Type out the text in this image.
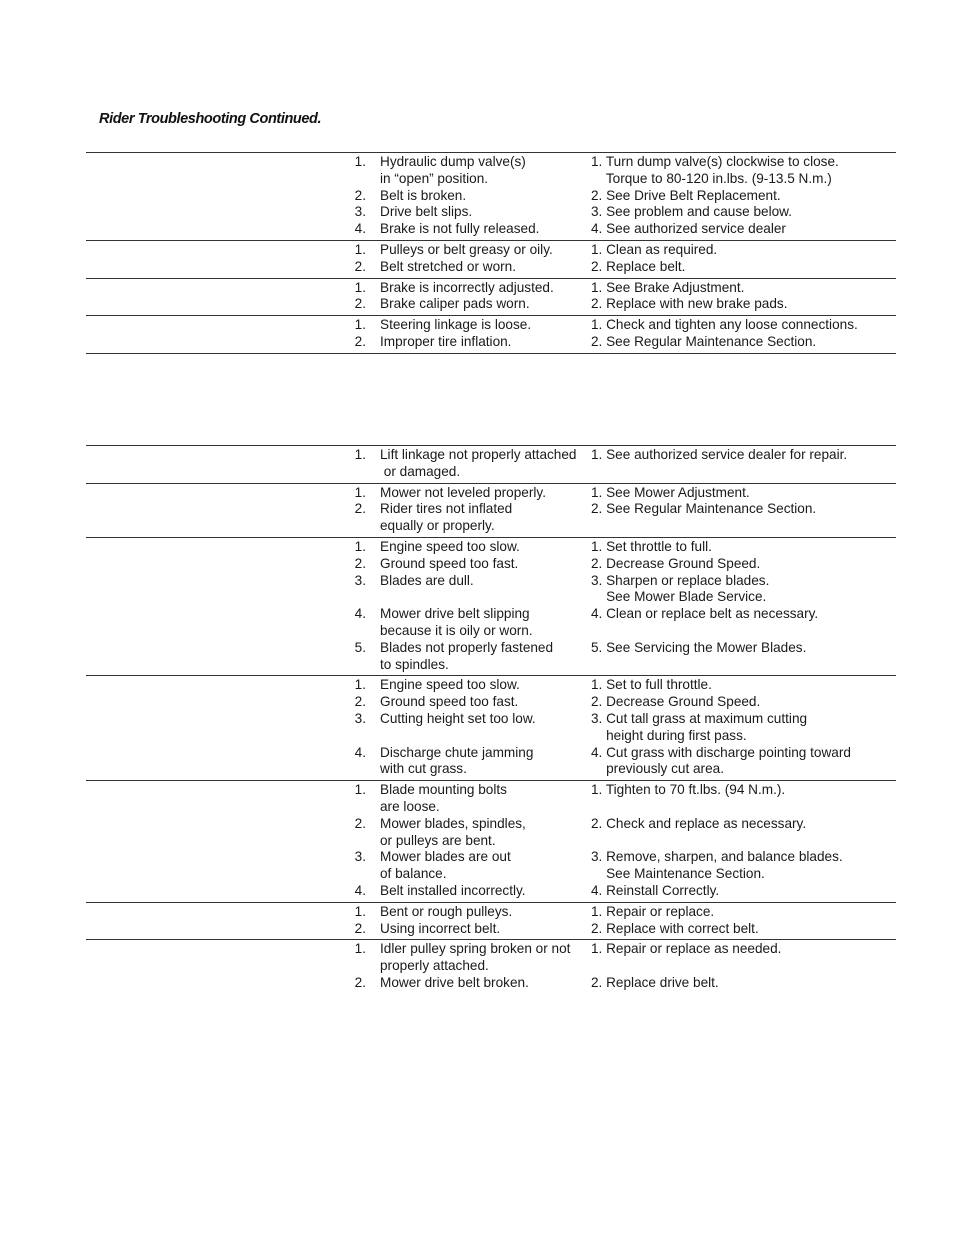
Rider Troubleshooting Continued.
1.	Hydraulic dump valve(s)	1. Turn dump valve(s) clockwise to close.
in “open” position.	Torque to 80-120 in.lbs. (9-13.5 N.m.)
2.	Belt is broken.	2. See Drive Belt Replacement.
3.	Drive belt slips.	3. See problem and cause below.
4.	Brake is not fully released.	4. See authorized service dealer
1.	Pulleys or belt greasy or oily.	1. Clean as required.
2.	Belt stretched or worn.	2. Replace belt.
1.	Brake is incorrectly adjusted.	1. See Brake Adjustment.
2.	Brake caliper pads worn.	2. Replace with new brake pads.
1.	Steering linkage is loose.	1. Check and tighten any loose connections.
2.	Improper tire inflation.	2. See Regular Maintenance Section.
1.	Lift linkage not properly attached	1. See authorized service dealer for repair.
or damaged.
1.	Mower not leveled properly.	1. See Mower Adjustment.
2.	Rider tires not inflated	2. See Regular Maintenance Section.
equally or properly.
1.	Engine speed too slow.	1. Set throttle to full.
2.	Ground speed too fast.	2. Decrease Ground Speed.
3.	Blades are dull.	3. Sharpen or replace blades.
See Mower Blade Service.
4.	Mower drive belt slipping	4. Clean or replace belt as necessary.
because it is oily or worn.
5.	Blades not properly fastened	5. See Servicing the Mower Blades.
to spindles.
1.	Engine speed too slow.	1. Set to full throttle.
2.	Ground speed too fast.	2. Decrease Ground Speed.
3.	Cutting height set too low.	3. Cut tall grass at maximum cutting
height during first pass.
4.	Discharge chute jamming	4. Cut grass with discharge pointing toward
with cut grass.	previously cut area.
1.	Blade mounting bolts	1. Tighten to 70 ft.lbs. (94 N.m.).
are loose.
2.	Mower blades, spindles,	2. Check and replace as necessary.
or pulleys are bent.
3.	Mower blades are out	3. Remove, sharpen, and balance blades.
of balance.	See Maintenance Section.
4.	Belt installed incorrectly.	4. Reinstall Correctly.
1.	Bent or rough pulleys.	1. Repair or replace.
2.	Using incorrect belt.	2. Replace with correct belt.
1.	Idler pulley spring broken or not	1. Repair or replace as needed.
properly attached.
2.	Mower drive belt broken.	2. Replace drive belt.
